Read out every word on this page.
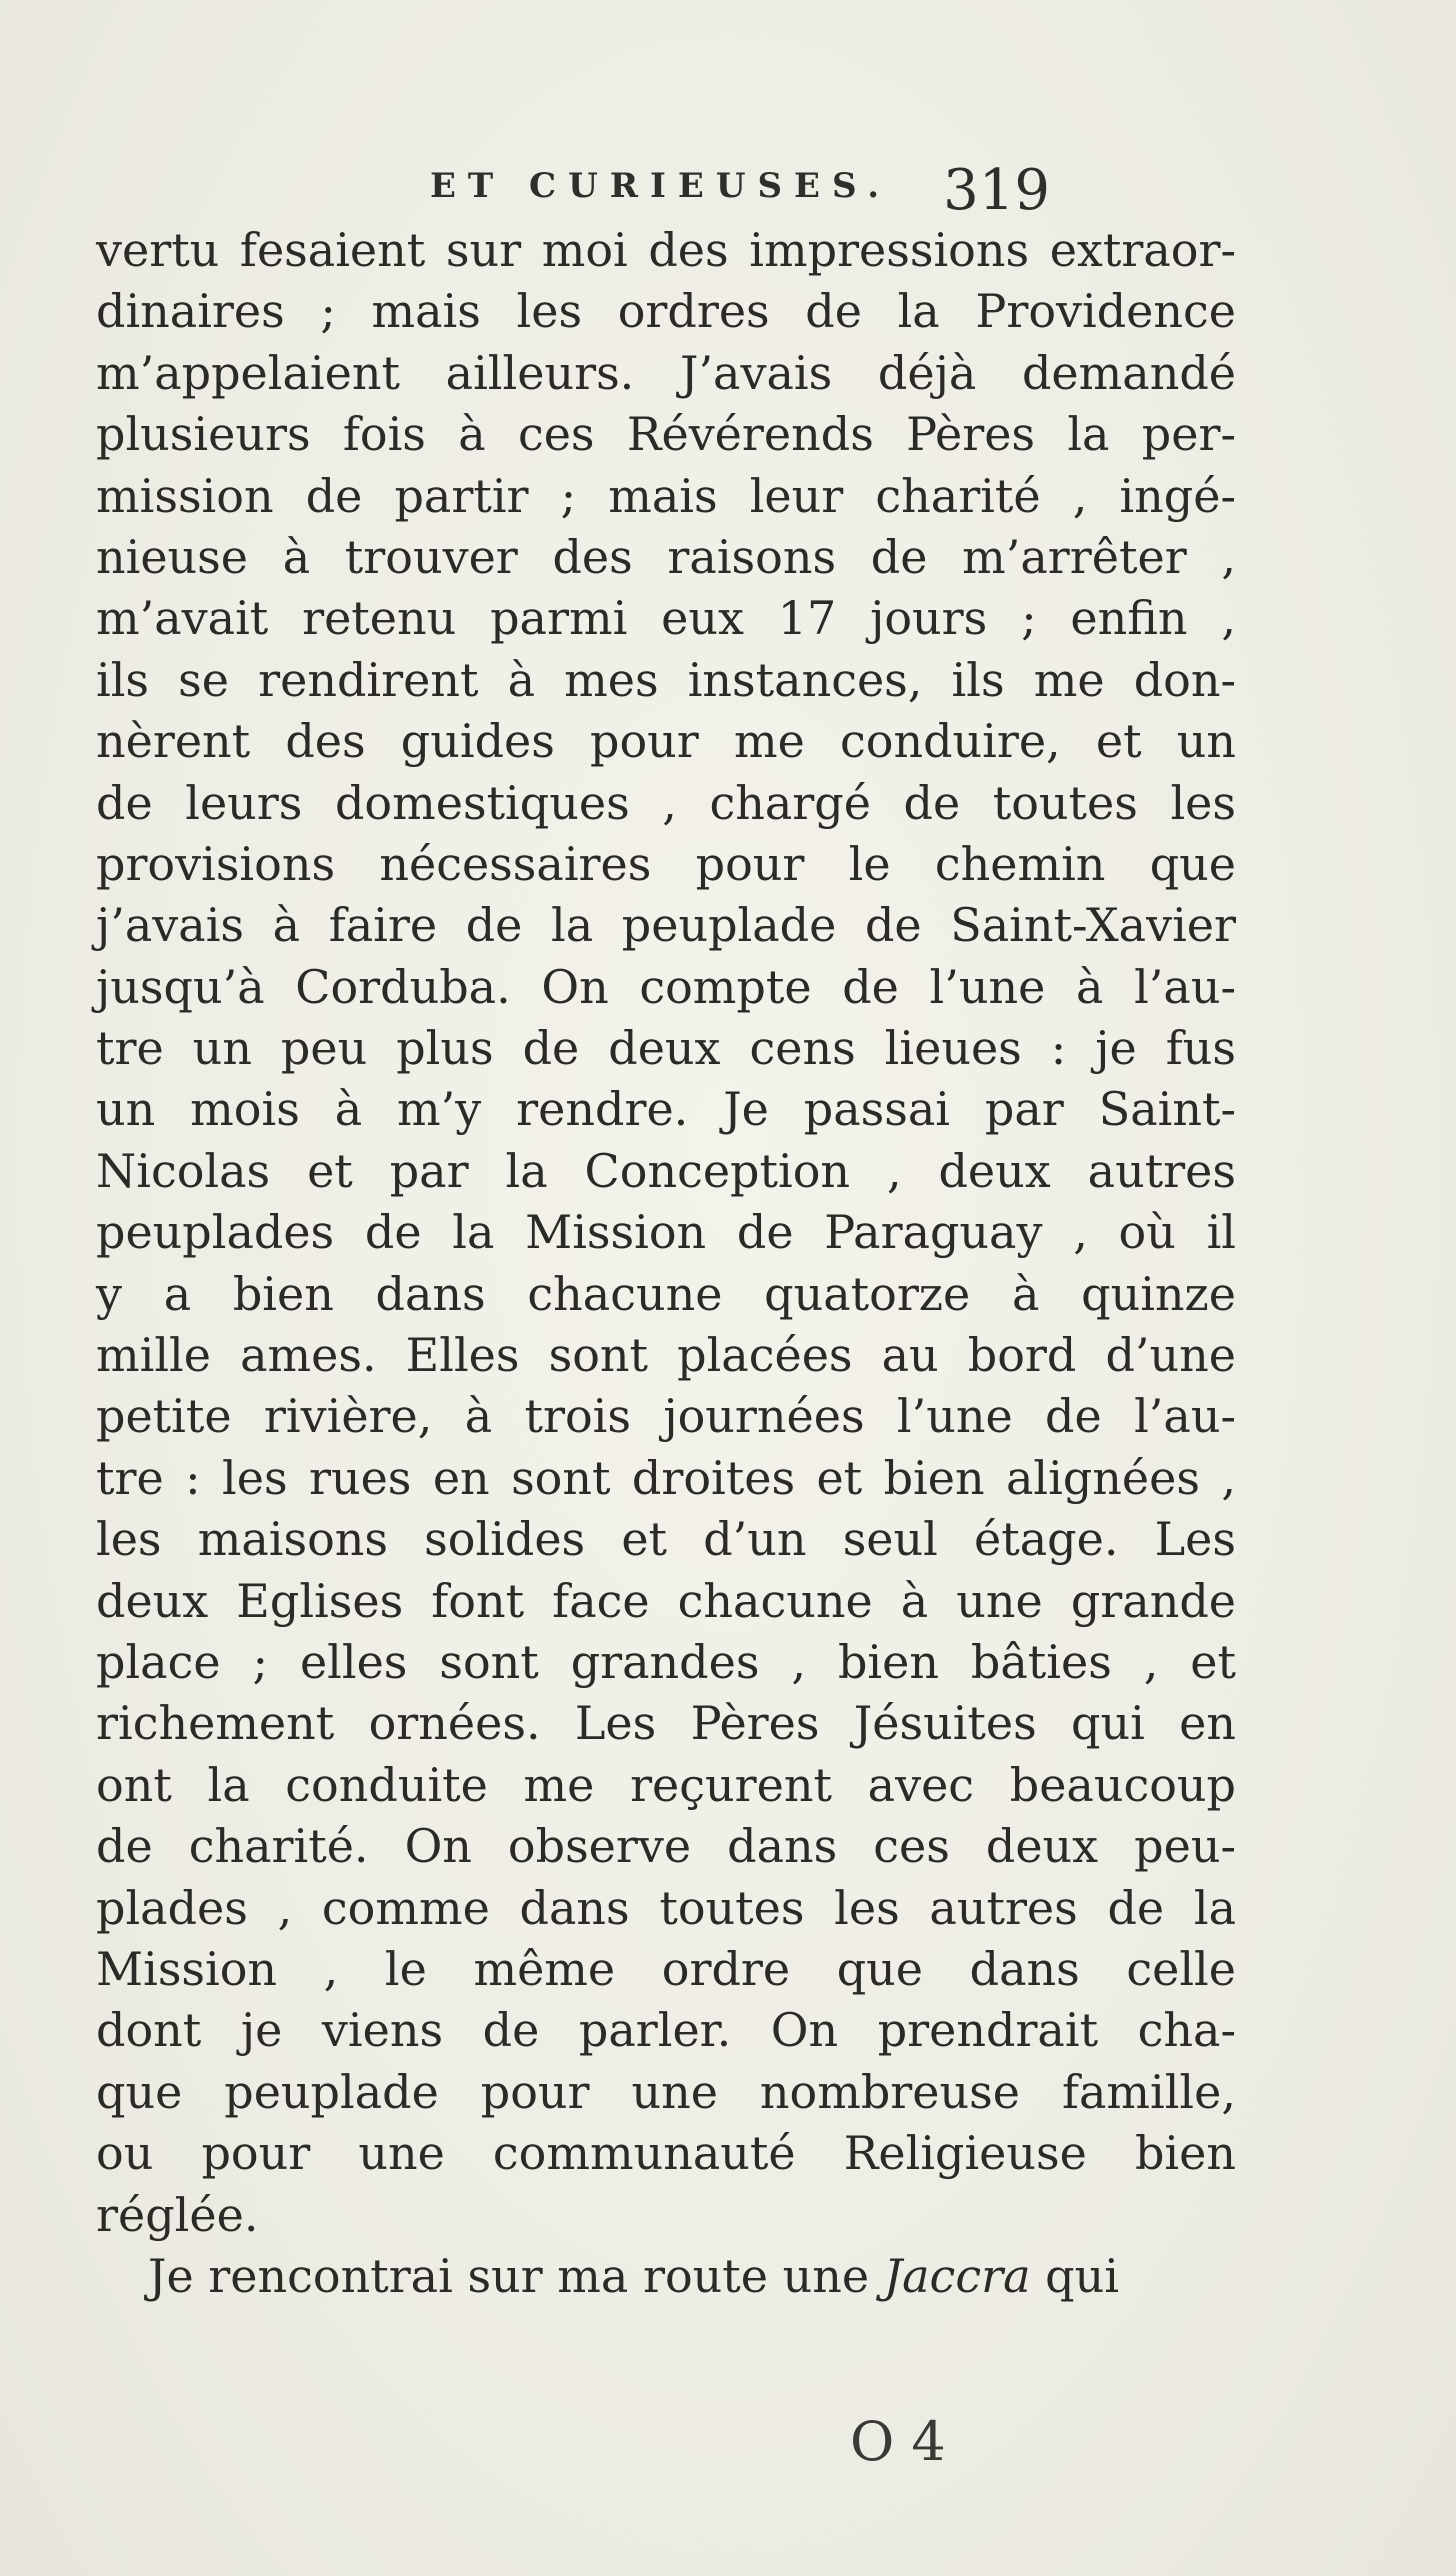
ET CURIEUSES. 319
vertu fesaient sur moi des impressions extraor-
dinaires ; mais les ordres de la Providence
m’appelaient ailleurs. J’avais déjà demandé
plusieurs fois à ces Révérends Pères la per-
mission de partir ; mais leur charité , ingé-
nieuse à trouver des raisons de m’arrêter ,
m’avait retenu parmi eux 17 jours ; enfin ,
ils se rendirent à mes instances, ils me don-
nèrent des guides pour me conduire, et un
de leurs domestiques , chargé de toutes les
provisions nécessaires pour le chemin que
j’avais à faire de la peuplade de Saint-Xavier
jusqu’à Corduba. On compte de l’une à l’au-
tre un peu plus de deux cens lieues : je fus
un mois à m’y rendre. Je passai par Saint-
Nicolas et par la Conception , deux autres
peuplades de la Mission de Paraguay , où il
y a bien dans chacune quatorze à quinze
mille ames. Elles sont placées au bord d’une
petite rivière, à trois journées l’une de l’au-
tre : les rues en sont droites et bien alignées ,
les maisons solides et d’un seul étage. Les
deux Eglises font face chacune à une grande
place ; elles sont grandes , bien bâties , et
richement ornées. Les Pères Jésuites qui en
ont la conduite me reçurent avec beaucoup
de charité. On observe dans ces deux peu-
plades , comme dans toutes les autres de la
Mission , le même ordre que dans celle
dont je viens de parler. On prendrait cha-
que peuplade pour une nombreuse famille,
ou pour une communauté Religieuse bien
réglée.
Je rencontrai sur ma route une Jaccra qui
O 4
